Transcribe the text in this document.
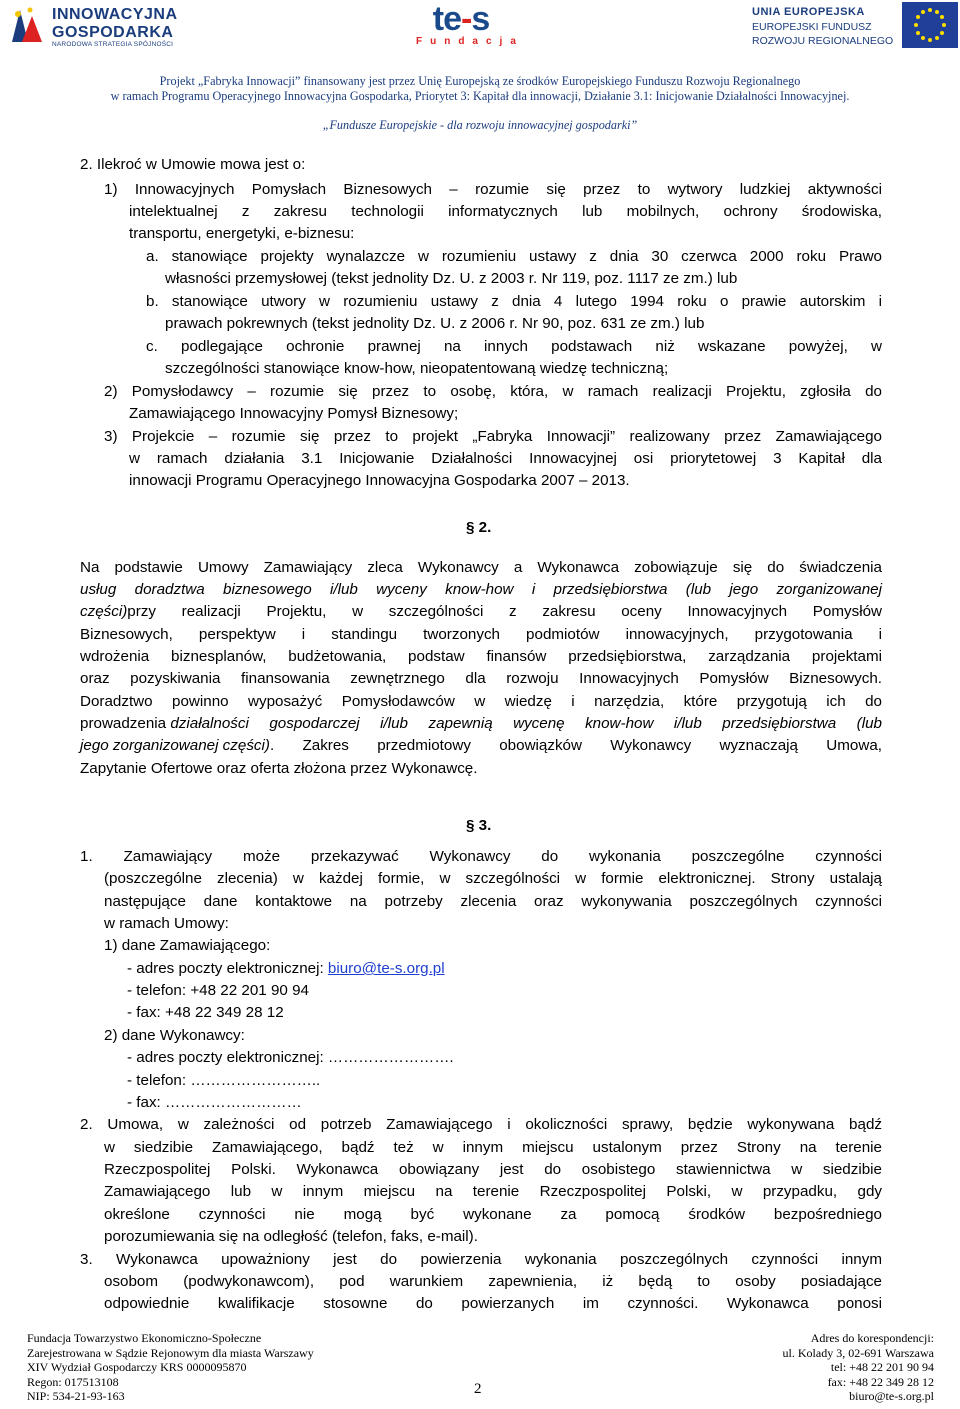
INNOWACYJNA
GOSPODARKA
NARODOWA STRATEGIA SPÓJNOŚCI
te-s
Fundacja
UNIA EUROPEJSKA
EUROPEJSKI FUNDUSZ
ROZWOJU REGIONALNEGO
Projekt „Fabryka Innowacji” finansowany jest przez Unię Europejską ze środków Europejskiego Funduszu Rozwoju Regionalnego
w ramach Programu Operacyjnego Innowacyjna Gospodarka, Priorytet 3: Kapitał dla innowacji, Działanie 3.1: Inicjowanie Działalności Innowacyjnej.
„Fundusze Europejskie - dla rozwoju innowacyjnej gospodarki”
2. Ilekroć w Umowie mowa jest o:
1) Innowacyjnych Pomysłach Biznesowych – rozumie się przez to wytwory ludzkiej aktywności
intelektualnej z zakresu technologii informatycznych lub mobilnych, ochrony środowiska,
transportu, energetyki, e-biznesu:
a. stanowiące projekty wynalazcze w rozumieniu ustawy z dnia 30 czerwca 2000 roku Prawo
własności przemysłowej (tekst jednolity Dz. U. z 2003 r. Nr 119, poz. 1117 ze zm.) lub
b. stanowiące utwory w rozumieniu ustawy z dnia 4 lutego 1994 roku o prawie autorskim i
prawach pokrewnych (tekst jednolity Dz. U. z 2006 r. Nr 90, poz. 631 ze zm.) lub
c. podlegające ochronie prawnej na innych podstawach niż wskazane powyżej, w
szczególności stanowiące know-how, nieopatentowaną wiedzę techniczną;
2) Pomysłodawcy – rozumie się przez to osobę, która, w ramach realizacji Projektu, zgłosiła do
Zamawiającego Innowacyjny Pomysł Biznesowy;
3) Projekcie – rozumie się przez to projekt „Fabryka Innowacji” realizowany przez Zamawiającego
w ramach działania 3.1 Inicjowanie Działalności Innowacyjnej osi priorytetowej 3 Kapitał dla
innowacji Programu Operacyjnego Innowacyjna Gospodarka 2007 – 2013.
§ 2.
Na podstawie Umowy Zamawiający zleca Wykonawcy a Wykonawca zobowiązuje się do świadczenia
usług doradztwa biznesowego i/lub wyceny know-how i przedsiębiorstwa (lub jego zorganizowanej
części) przy realizacji Projektu, w szczególności z zakresu oceny Innowacyjnych Pomysłów
Biznesowych, perspektyw i standingu tworzonych podmiotów innowacyjnych, przygotowania i
wdrożenia biznesplanów, budżetowania, podstaw finansów przedsiębiorstwa, zarządzania projektami
oraz pozyskiwania finansowania zewnętrznego dla rozwoju Innowacyjnych Pomysłów Biznesowych.
Doradztwo powinno wyposażyć Pomysłodawców w wiedzę i narzędzia, które przygotują ich do
prowadzenia
działalności gospodarczej i/lub zapewnią wycenę know-how i/lub przedsiębiorstwa (lub
jego zorganizowanej części) . Zakres przedmiotowy obowiązków Wykonawcy wyznaczają Umowa,
Zapytanie Ofertowe oraz oferta złożona przez Wykonawcę.
§ 3.
1. Zamawiający może przekazywać Wykonawcy do wykonania poszczególne czynności
(poszczególne zlecenia) w każdej formie, w szczególności w formie elektronicznej. Strony ustalają
następujące dane kontaktowe na potrzeby zlecenia oraz wykonywania poszczególnych czynności
w ramach Umowy:
1) dane Zamawiającego:
- adres poczty elektronicznej: biuro@te-s.org.pl
- telefon: +48 22 201 90 94
- fax: +48 22 349 28 12
2) dane Wykonawcy:
- adres poczty elektronicznej: …………………….
- telefon: ……………………..
- fax: ………………………
2. Umowa, w zależności od potrzeb Zamawiającego i okoliczności sprawy, będzie wykonywana bądź
w siedzibie Zamawiającego, bądź też w innym miejscu ustalonym przez Strony na terenie
Rzeczpospolitej Polski. Wykonawca obowiązany jest do osobistego stawiennictwa w siedzibie
Zamawiającego lub w innym miejscu na terenie Rzeczpospolitej Polski, w przypadku, gdy
określone czynności nie mogą być wykonane za pomocą środków bezpośredniego
porozumiewania się na odległość (telefon, faks, e-mail).
3. Wykonawca upoważniony jest do powierzenia wykonania poszczególnych czynności innym
osobom (podwykonawcom), pod warunkiem zapewnienia, iż będą to osoby posiadające
odpowiednie kwalifikacje stosowne do powierzanych im czynności. Wykonawca ponosi
Fundacja Towarzystwo Ekonomiczno-Społeczne
Zarejestrowana w Sądzie Rejonowym dla miasta Warszawy
XIV Wydział Gospodarczy KRS 0000095870
Regon: 017513108
NIP: 534-21-93-163	2
Adres do korespondencji:
ul. Kolady 3, 02-691 Warszawa
tel: +48 22 201 90 94
fax: +48 22 349 28 12
biuro@te-s.org.pl
